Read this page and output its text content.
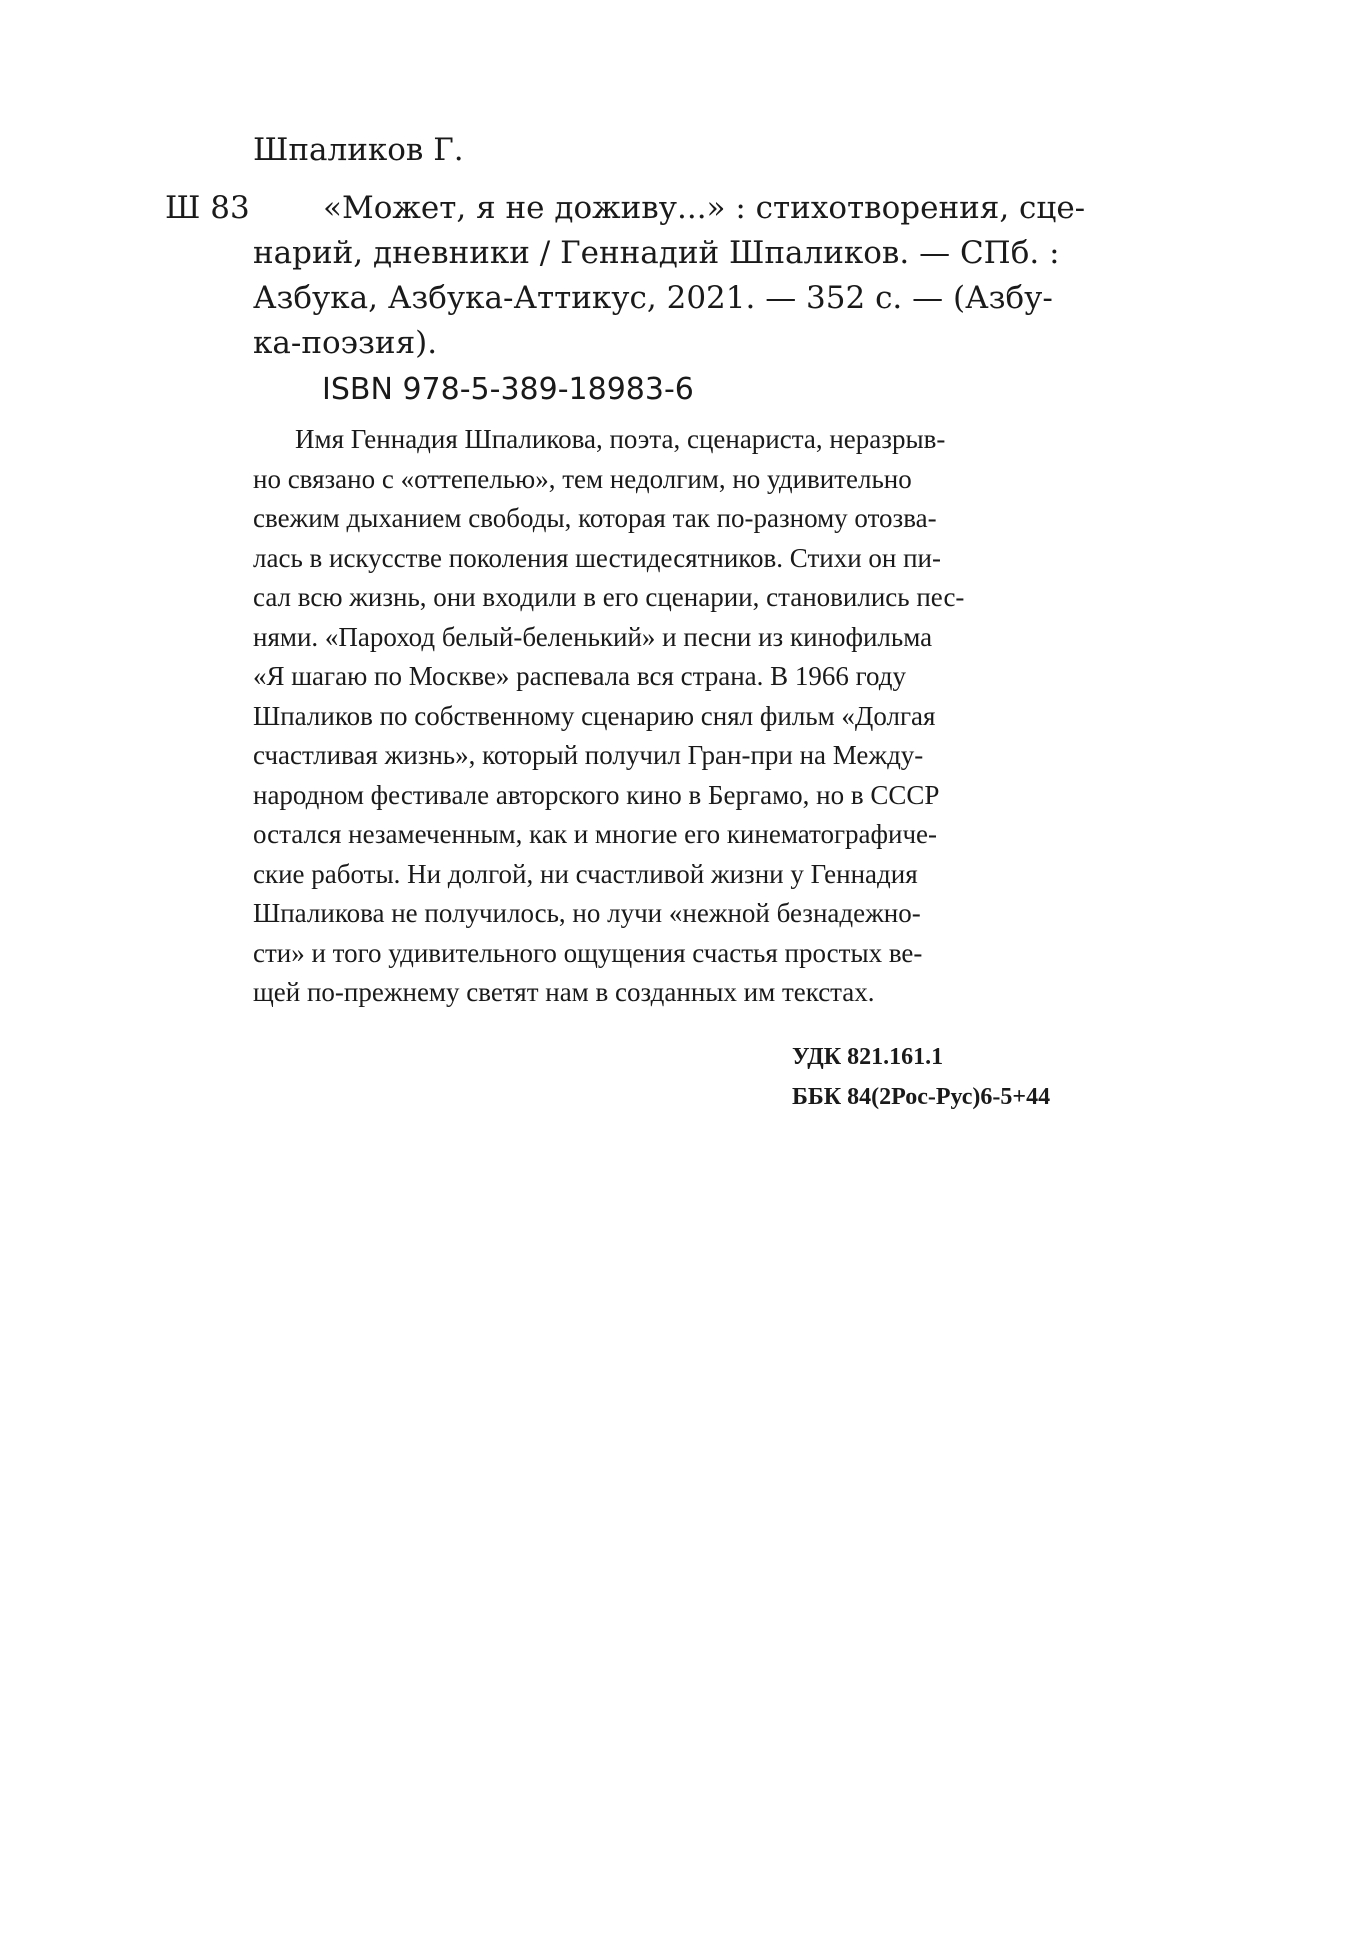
Шпаликов Г.
Ш 83	«Может, я не доживу...» : стихотворения, сце-
нарий, дневники / Геннадий Шпаликов. — СПб. :
Азбука, Азбука-Аттикус, 2021. — 352 с. — (Азбу-
ка-поэзия).
ISBN 978-5-389-18983-6
Имя Геннадия Шпаликова, поэта, сценариста, неразрыв-
но связано с «оттепелью», тем недолгим, но удивительно
свежим дыханием свободы, которая так по-разному отозва-
лась в искусстве поколения шестидесятников. Стихи он пи-
сал всю жизнь, они входили в его сценарии, становились пес-
нями. «Пароход белый-беленький» и песни из кинофильма
«Я шагаю по Москве» распевала вся страна. В 1966 году
Шпаликов по собственному сценарию снял фильм «Долгая
счастливая жизнь», который получил Гран-при на Между-
народном фестивале авторского кино в Бергамо, но в СССР
остался незамеченным, как и многие его кинематографиче-
ские работы. Ни долгой, ни счастливой жизни у Геннадия
Шпаликова не получилось, но лучи «нежной безнадежно-
сти» и того удивительного ощущения счастья простых ве-
щей по-прежнему светят нам в созданных им текстах.
УДК 821.161.1
ББК 84(2Рос-Рус)6-5+44
